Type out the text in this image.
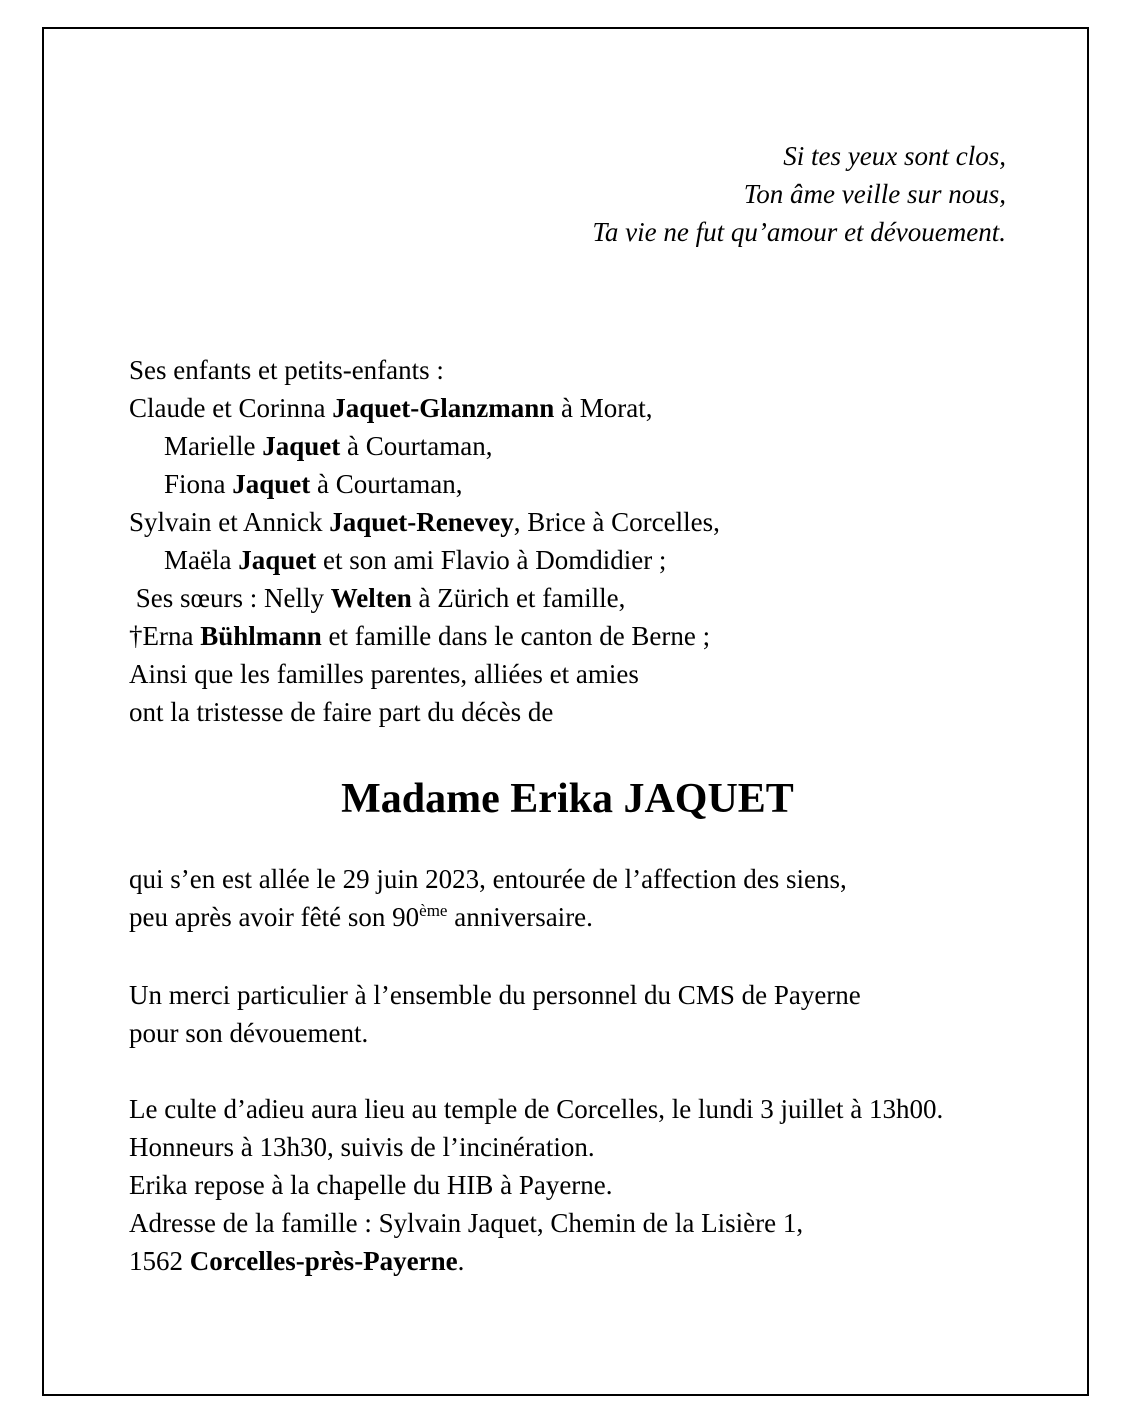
Si tes yeux sont clos,
Ton âme veille sur nous,
Ta vie ne fut qu’amour et dévouement.
Ses enfants et petits-enfants :
Claude et Corinna Jaquet-Glanzmann à Morat,
Marielle Jaquet à Courtaman,
Fiona Jaquet à Courtaman,
Sylvain et Annick Jaquet-Renevey, Brice à Corcelles,
Maëla Jaquet et son ami Flavio à Domdidier ;
Ses sœurs : Nelly Welten à Zürich et famille,
†Erna Bühlmann et famille dans le canton de Berne ;
Ainsi que les familles parentes, alliées et amies
ont la tristesse de faire part du décès de
Madame Erika JAQUET
qui s’en est allée le 29 juin 2023, entourée de l’affection des siens,
peu après avoir fêté son 90ème anniversaire.
Un merci particulier à l’ensemble du personnel du CMS de Payerne
pour son dévouement.
Le culte d’adieu aura lieu au temple de Corcelles, le lundi 3 juillet à 13h00.
Honneurs à 13h30, suivis de l’incinération.
Erika repose à la chapelle du HIB à Payerne.
Adresse de la famille : Sylvain Jaquet, Chemin de la Lisière 1,
1562 Corcelles-près-Payerne.
